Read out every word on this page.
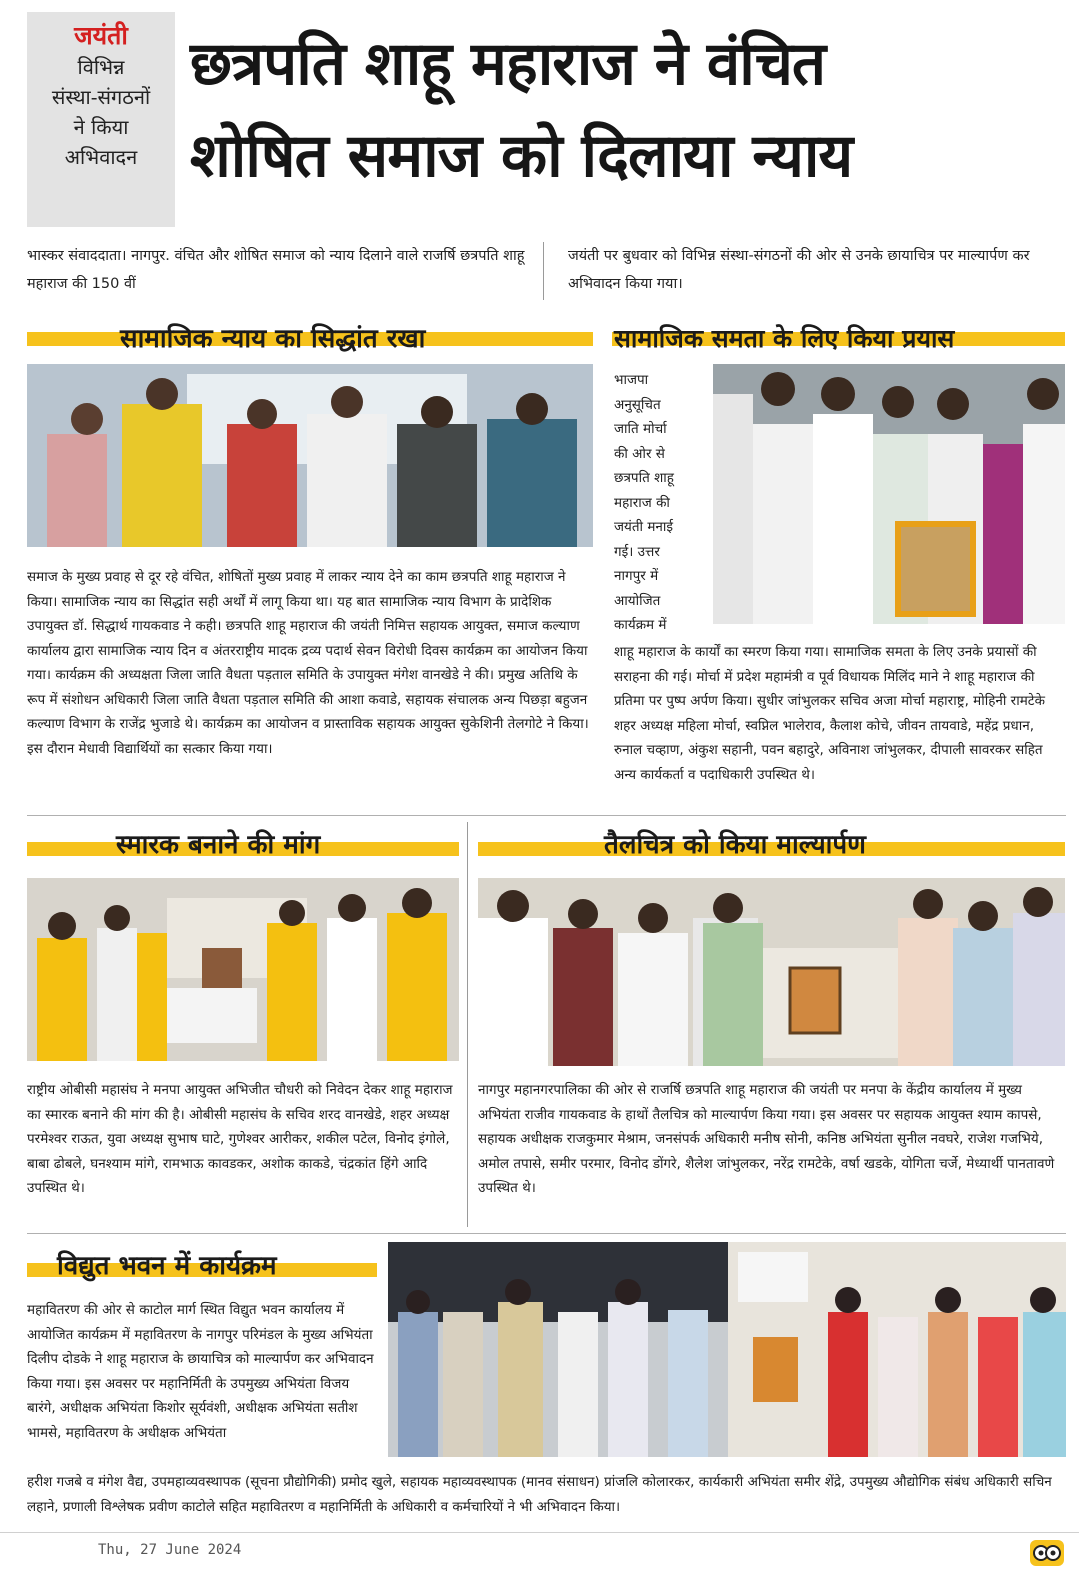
जयंती
विभिन्न
संस्था-संगठनों
ने किया
अभिवादन
छत्रपति शाहू महाराज ने वंचित
शोषित समाज को दिलाया न्याय
भास्कर संवाददाता। नागपुर. वंचित और शोषित समाज को न्याय दिलाने वाले राजर्षि छत्रपति शाहू महाराज की 150 वीं
जयंती पर बुधवार को विभिन्न संस्था-संगठनों की ओर से उनके छायाचित्र पर माल्यार्पण कर अभिवादन किया गया।
सामाजिक न्याय का सिद्धांत रखा
समाज के मुख्य प्रवाह से दूर रहे वंचित, शोषितों मुख्य प्रवाह में लाकर न्याय देने का काम छत्रपति शाहू महाराज ने किया। सामाजिक न्याय का सिद्धांत सही अर्थों में लागू किया था। यह बात सामाजिक न्याय विभाग के प्रादेशिक उपायुक्त डॉ. सिद्धार्थ गायकवाड ने कही। छत्रपति शाहू महाराज की जयंती निमित्त सहायक आयुक्त, समाज कल्याण कार्यालय द्वारा सामाजिक न्याय दिन व अंतरराष्ट्रीय मादक द्रव्य पदार्थ सेवन विरोधी दिवस कार्यक्रम का आयोजन किया गया। कार्यक्रम की अध्यक्षता जिला जाति वैधता पड़ताल समिति के उपायुक्त मंगेश वानखेडे ने की। प्रमुख अतिथि के रूप में संशोधन अधिकारी जिला जाति वैधता पड़ताल समिति की आशा कवाडे, सहायक संचालक अन्य पिछड़ा बहुजन कल्याण विभाग के राजेंद्र भुजाडे थे। कार्यक्रम का आयोजन व प्रास्ताविक सहायक आयुक्त सुकेशिनी तेलगोटे ने किया। इस दौरान मेधावी विद्यार्थियों का सत्कार किया गया।
सामाजिक समता के लिए किया प्रयास
भाजपा
अनुसूचित
जाति मोर्चा
की ओर से
छत्रपति शाहू
महाराज की
जयंती मनाई
गई। उत्तर
नागपुर में
आयोजित
कार्यक्रम में
शाहू महाराज के कार्यों का स्मरण किया गया। सामाजिक समता के लिए उनके प्रयासों की सराहना की गई। मोर्चा में प्रदेश महामंत्री व पूर्व विधायक मिलिंद माने ने शाहू महाराज की प्रतिमा पर पुष्प अर्पण किया। सुधीर जांभुलकर सचिव अजा मोर्चा महाराष्ट्र, मोहिनी रामटेके शहर अध्यक्ष महिला मोर्चा, स्वप्निल भालेराव, कैलाश कोचे, जीवन तायवाडे, महेंद्र प्रधान, रुनाल चव्हाण, अंकुश सहानी, पवन बहादुरे, अविनाश जांभुलकर, दीपाली सावरकर सहित अन्य कार्यकर्ता व पदाधिकारी उपस्थित थे।
स्मारक बनाने की मांग
राष्ट्रीय ओबीसी महासंघ ने मनपा आयुक्त अभिजीत चौधरी को निवेदन देकर शाहू महाराज का स्मारक बनाने की मांग की है। ओबीसी महासंघ के सचिव शरद वानखेडे, शहर अध्यक्ष परमेश्वर राऊत, युवा अध्यक्ष सुभाष घाटे, गुणेश्वर आरीकर, शकील पटेल, विनोद इंगोले, बाबा ढोबले, घनश्याम मांगे, रामभाऊ कावडकर, अशोक काकडे, चंद्रकांत हिंगे आदि उपस्थित थे।
तैलचित्र को किया माल्यार्पण
नागपुर महानगरपालिका की ओर से राजर्षि छत्रपति शाहू महाराज की जयंती पर मनपा के केंद्रीय कार्यालय में मुख्य अभियंता राजीव गायकवाड के हाथों तैलचित्र को माल्यार्पण किया गया। इस अवसर पर सहायक आयुक्त श्याम कापसे, सहायक अधीक्षक राजकुमार मेश्राम, जनसंपर्क अधिकारी मनीष सोनी, कनिष्ठ अभियंता सुनील नवघरे, राजेश गजभिये, अमोल तपासे, समीर परमार, विनोद डोंगरे, शैलेश जांभुलकर, नरेंद्र रामटेके, वर्षा खडके, योगिता चर्जे, मेध्यार्थी पानतावणे उपस्थित थे।
विद्युत भवन में कार्यक्रम
महावितरण की ओर से काटोल मार्ग स्थित विद्युत भवन कार्यालय में आयोजित कार्यक्रम में महावितरण के नागपुर परिमंडल के मुख्य अभियंता दिलीप दोडके ने शाहू महाराज के छायाचित्र को माल्यार्पण कर अभिवादन किया गया। इस अवसर पर महानिर्मिती के उपमुख्य अभियंता विजय बारंगे, अधीक्षक अभियंता किशोर सूर्यवंशी, अधीक्षक अभियंता सतीश भामसे, महावितरण के अधीक्षक अभियंता
हरीश गजबे व मंगेश वैद्य, उपमहाव्यवस्थापक (सूचना प्रौद्योगिकी) प्रमोद खुले, सहायक महाव्यवस्थापक (मानव संसाधन) प्रांजलि कोलारकर, कार्यकारी अभियंता समीर शेंद्रे, उपमुख्य औद्योगिक संबंध अधिकारी सचिन लहाने, प्रणाली विश्लेषक प्रवीण काटोले सहित महावितरण व महानिर्मिती के अधिकारी व कर्मचारियों ने भी अभिवादन किया।
Thu, 27 June 2024
